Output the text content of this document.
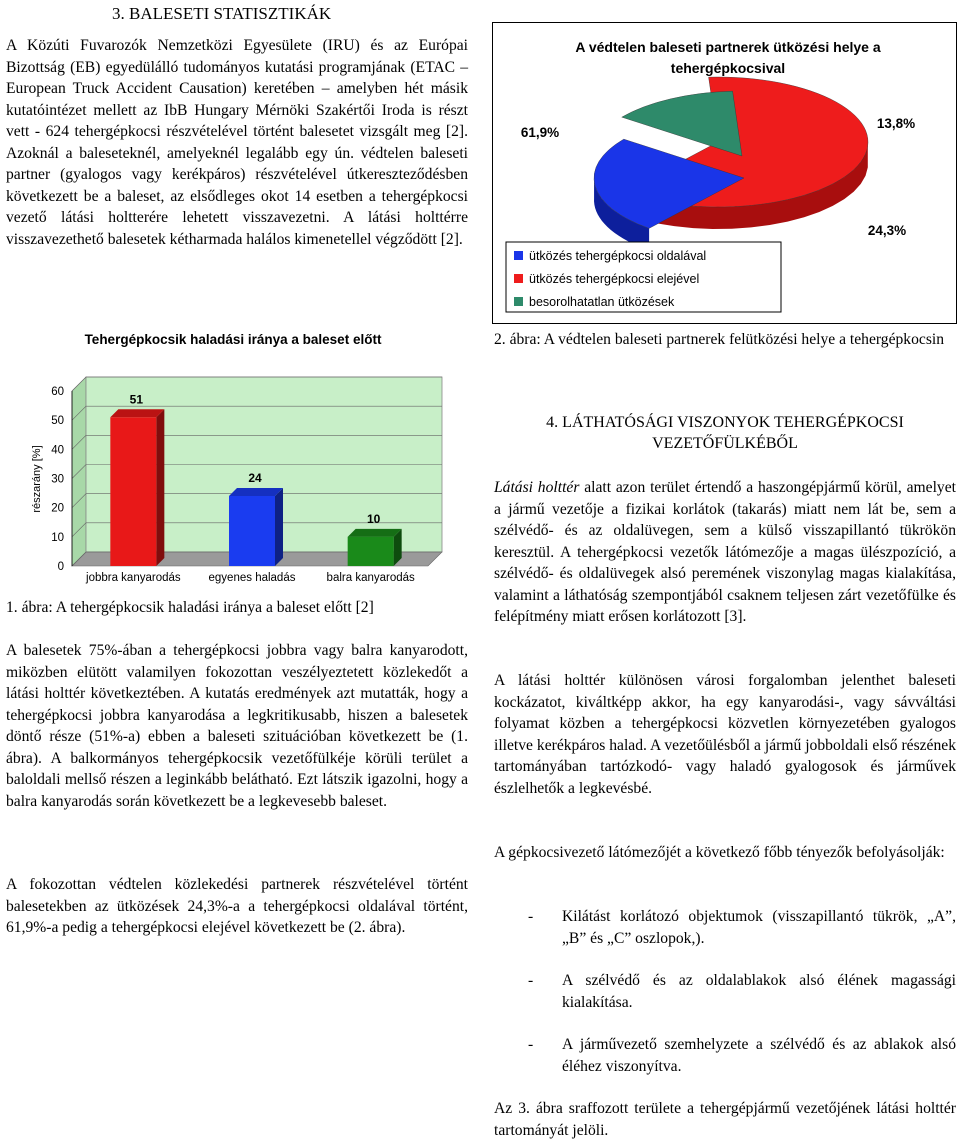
3. BALESETI STATISZTIKÁK

A Közúti Fuvarozók Nemzetközi Egyesülete (IRU) és az Európai Bizottság (EB) egyedülálló tudományos kutatási programjának (ETAC – European Truck Accident Causation) keretében – amelyben hét másik kutatóintézet mellett az IbB Hungary Mérnöki Szakértői Iroda is részt vett - 624 tehergépkocsi részvételével történt balesetet vizsgált meg [2]. Azoknál a baleseteknél, amelyeknél legalább egy ún. védtelen baleseti partner (gyalogos vagy kerékpáros) részvételével útkereszteződésben következett be a baleset, az elsődleges okot 14 esetben a tehergépkocsi vezető látási holtterére lehetett visszavezetni. A látási holttérre visszavezethető balesetek kétharmada halálos kimenetellel végződött [2].

Tehergépkocsik haladási iránya a baleset előtt
részarány [%]
0
10
20
30
40
50
60
51
jobbra kanyarodás
24
egyenes haladás
10
balra kanyarodás
1. ábra: A tehergépkocsik haladási iránya a baleset előtt [2]

A balesetek 75%-ában a tehergépkocsi jobbra vagy balra kanyarodott, miközben elütött valamilyen fokozottan veszélyeztetett közlekedőt a látási holttér következtében. A kutatás eredmények azt mutatták, hogy a tehergépkocsi jobbra kanyarodása a legkritikusabb, hiszen a balesetek döntő része (51%-a) ebben a baleseti szituációban következett be (1. ábra). A balkormányos tehergépkocsik vezetőfülkéje körüli terület a baloldali mellső részen a leginkább belátható. Ezt látszik igazolni, hogy a balra kanyarodás során következett be a legkevesebb baleset.

A fokozottan védtelen közlekedési partnerek részvételével történt balesetekben az ütközések 24,3%-a a tehergépkocsi oldalával történt, 61,9%-a pedig a tehergépkocsi elejével következett be (2. ábra).

A védtelen baleseti partnerek ütközési helye a
tehergépkocsival
61,9%
24,3%
13,8%
ütközés tehergépkocsi oldalával
ütközés tehergépkocsi elejével
besorolhatatlan ütközések

2. ábra: A védtelen baleseti partnerek felütközési helye a tehergépkocsin

4. LÁTHATÓSÁGI VISZONYOK TEHERGÉPKOCSI
VEZETŐFÜLKÉBŐL

Látási holttér alatt azon terület értendő a haszongépjármű körül, amelyet a jármű vezetője a fizikai korlátok (takarás) miatt nem lát be, sem a szélvédő- és az oldalüvegen, sem a külső visszapillantó tükrökön keresztül. A tehergépkocsi vezetők látómezője a magas ülészpozíció, a szélvédő- és oldalüvegek alsó peremének viszonylag magas kialakítása, valamint a láthatóság szempontjából csaknem teljesen zárt vezetőfülke és felépítmény miatt erősen korlátozott [3].

A látási holttér különösen városi forgalomban jelenthet baleseti kockázatot, kiváltképp akkor, ha egy kanyarodási-, vagy sávváltási folyamat közben a tehergépkocsi közvetlen környezetében gyalogos illetve kerékpáros halad. A vezetőülésből a jármű jobboldali első részének tartományában tartózkodó- vagy haladó gyalogosok és járművek észlelhetők a legkevésbé.

A gépkocsivezető látómezőjét a következő főbb tényezők befolyásolják:

- Kilátást korlátozó objektumok (visszapillantó tükrök, „A”, „B” és „C” oszlopok,).
- A szélvédő és az oldalablakok alsó élének magassági kialakítása.
- A járművezető szemhelyzete a szélvédő és az ablakok alsó éléhez viszonyítva.

Az 3. ábra sraffozott területe a tehergépjármű vezetőjének látási holttér tartományát jelöli.
